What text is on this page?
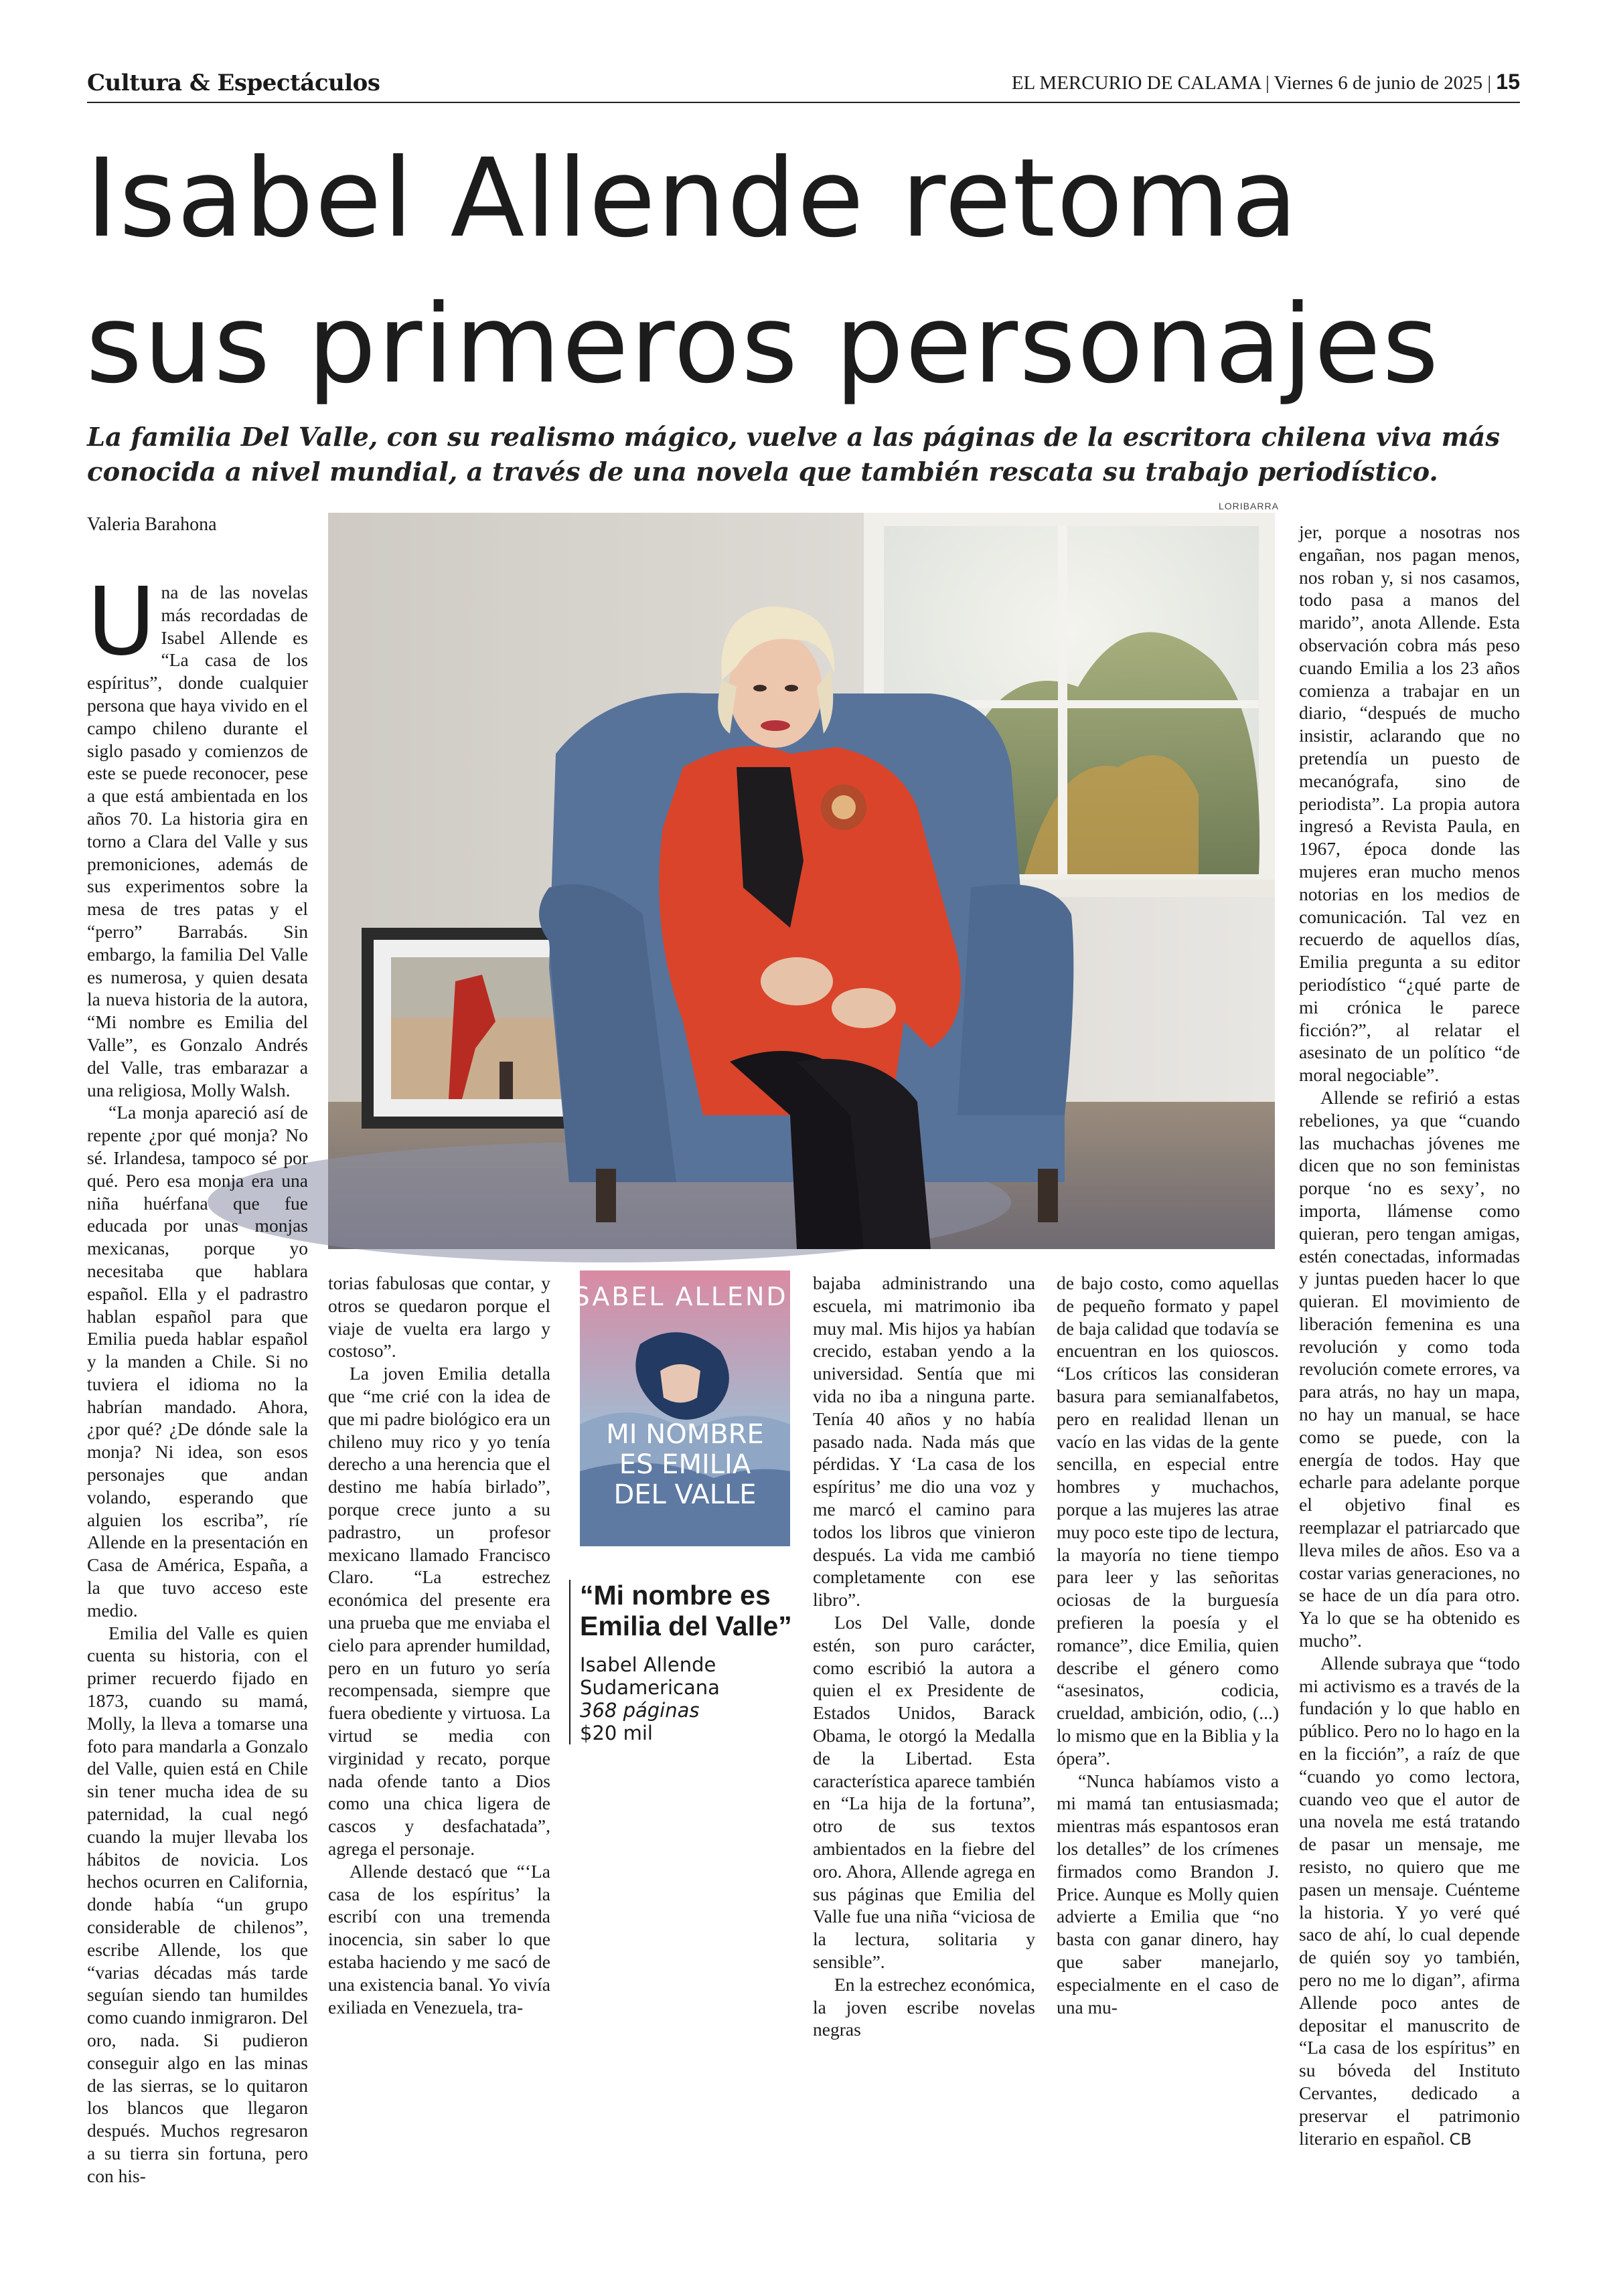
Cultura & Espectáculos	EL MERCURIO DE CALAMA | Viernes 6 de junio de 2025 | 15
Isabel Allende retoma
sus primeros personajes
La familia Del Valle, con su realismo mágico, vuelve a las páginas de la escritora chilena viva más conocida a nivel mundial, a través de una novela que también rescata su trabajo periodístico.
Valeria Barahona
LORIBARRA

Una de las novelas más recordadas de Isabel Allende es “La casa de los espíritus”, donde cualquier persona que haya vivido en el campo chileno durante el siglo pasado y comienzos de este se puede reconocer, pese a que está ambientada en los años 70. La historia gira en torno a Clara del Valle y sus premoniciones, además de sus experimentos sobre la mesa de tres patas y el “perro” Barrabás. Sin embargo, la familia Del Valle es numerosa, y quien desata la nueva historia de la autora, “Mi nombre es Emilia del Valle”, es Gonzalo Andrés del Valle, tras embarazar a una religiosa, Molly Walsh.

“La monja apareció así de repente ¿por qué monja? No sé. Irlandesa, tampoco sé por qué. Pero esa monja era una niña huérfana que fue educada por unas monjas mexicanas, porque yo necesitaba que hablara español. Ella y el padrastro hablan español para que Emilia pueda hablar español y la manden a Chile. Si no tuviera el idioma no la habrían mandado. Ahora, ¿por qué? ¿De dónde sale la monja? Ni idea, son esos personajes que andan volando, esperando que alguien los escriba”, ríe Allende en la presentación en Casa de América, España, a la que tuvo acceso este medio.

Emilia del Valle es quien cuenta su historia, con el primer recuerdo fijado en 1873, cuando su mamá, Molly, la lleva a tomarse una foto para mandarla a Gonzalo del Valle, quien está en Chile sin tener mucha idea de su paternidad, la cual negó cuando la mujer llevaba los hábitos de novicia. Los hechos ocurren en California, donde había “un grupo considerable de chilenos”, escribe Allende, los que “varias décadas más tarde seguían siendo tan humildes como cuando inmigraron. Del oro, nada. Si pudieron conseguir algo en las minas de las sierras, se lo quitaron los blancos que llegaron después. Muchos regresaron a su tierra sin fortuna, pero con his-

torias fabulosas que contar, y otros se quedaron porque el viaje de vuelta era largo y costoso”.

La joven Emilia detalla que “me crié con la idea de que mi padre biológico era un chileno muy rico y yo tenía derecho a una herencia que el destino me había birlado”, porque crece junto a su padrastro, un profesor mexicano llamado Francisco Claro. “La estrechez económica del presente era una prueba que me enviaba el cielo para aprender humildad, pero en un futuro yo sería recompensada, siempre que fuera obediente y virtuosa. La virtud se media con virginidad y recato, porque nada ofende tanto a Dios como una chica ligera de cascos y desfachatada”, agrega el personaje.

Allende destacó que “‘La casa de los espíritus’ la escribí con una tremenda inocencia, sin saber lo que estaba haciendo y me sacó de una existencia banal. Yo vivía exiliada en Venezuela, tra-

ISABEL ALLENDE
MI NOMBRE
ES EMILIA
DEL VALLE
“Mi nombre es Emilia del Valle”
Isabel Allende
Sudamericana
368 páginas
$20 mil

bajaba administrando una escuela, mi matrimonio iba muy mal. Mis hijos ya habían crecido, estaban yendo a la universidad. Sentía que mi vida no iba a ninguna parte. Tenía 40 años y no había pasado nada. Nada más que pérdidas. Y ‘La casa de los espíritus’ me dio una voz y me marcó el camino para todos los libros que vinieron después. La vida me cambió completamente con ese libro”.

Los Del Valle, donde estén, son puro carácter, como escribió la autora a quien el ex Presidente de Estados Unidos, Barack Obama, le otorgó la Medalla de la Libertad. Esta característica aparece también en “La hija de la fortuna”, otro de sus textos ambientados en la fiebre del oro. Ahora, Allende agrega en sus páginas que Emilia del Valle fue una niña “viciosa de la lectura, solitaria y sensible”.

En la estrechez económica, la joven escribe novelas negras

de bajo costo, como aquellas de pequeño formato y papel de baja calidad que todavía se encuentran en los quioscos. “Los críticos las consideran basura para semianalfabetos, pero en realidad llenan un vacío en las vidas de la gente sencilla, en especial entre hombres y muchachos, porque a las mujeres las atrae muy poco este tipo de lectura, la mayoría no tiene tiempo para leer y las señoritas ociosas de la burguesía prefieren la poesía y el romance”, dice Emilia, quien describe el género como “asesinatos, codicia, crueldad, ambición, odio, (...) lo mismo que en la Biblia y la ópera”.

“Nunca habíamos visto a mi mamá tan entusiasmada; mientras más espantosos eran los detalles” de los crímenes firmados como Brandon J. Price. Aunque es Molly quien advierte a Emilia que “no basta con ganar dinero, hay que saber manejarlo, especialmente en el caso de una mu-

jer, porque a nosotras nos engañan, nos pagan menos, nos roban y, si nos casamos, todo pasa a manos del marido”, anota Allende. Esta observación cobra más peso cuando Emilia a los 23 años comienza a trabajar en un diario, “después de mucho insistir, aclarando que no pretendía un puesto de mecanógrafa, sino de periodista”. La propia autora ingresó a Revista Paula, en 1967, época donde las mujeres eran mucho menos notorias en los medios de comunicación. Tal vez en recuerdo de aquellos días, Emilia pregunta a su editor periodístico “¿qué parte de mi crónica le parece ficción?”, al relatar el asesinato de un político “de moral negociable”.

Allende se refirió a estas rebeliones, ya que “cuando las muchachas jóvenes me dicen que no son feministas porque ‘no es sexy’, no importa, llámense como quieran, pero tengan amigas, estén conectadas, informadas y juntas pueden hacer lo que quieran. El movimiento de liberación femenina es una revolución y como toda revolución comete errores, va para atrás, no hay un mapa, no hay un manual, se hace como se puede, con la energía de todos. Hay que echarle para adelante porque el objetivo final es reemplazar el patriarcado que lleva miles de años. Eso va a costar varias generaciones, no se hace de un día para otro. Ya lo que se ha obtenido es mucho”.

Allende subraya que “todo mi activismo es a través de la fundación y lo que hablo en público. Pero no lo hago en la en la ficción”, a raíz de que “cuando yo como lectora, cuando veo que el autor de una novela me está tratando de pasar un mensaje, me resisto, no quiero que me pasen un mensaje. Cuénteme la historia. Y yo veré qué saco de ahí, lo cual depende de quién soy yo también, pero no me lo digan”, afirma Allende poco antes de depositar el manuscrito de “La casa de los espíritus” en su bóveda del Instituto Cervantes, dedicado a preservar el patrimonio literario en español. CB
